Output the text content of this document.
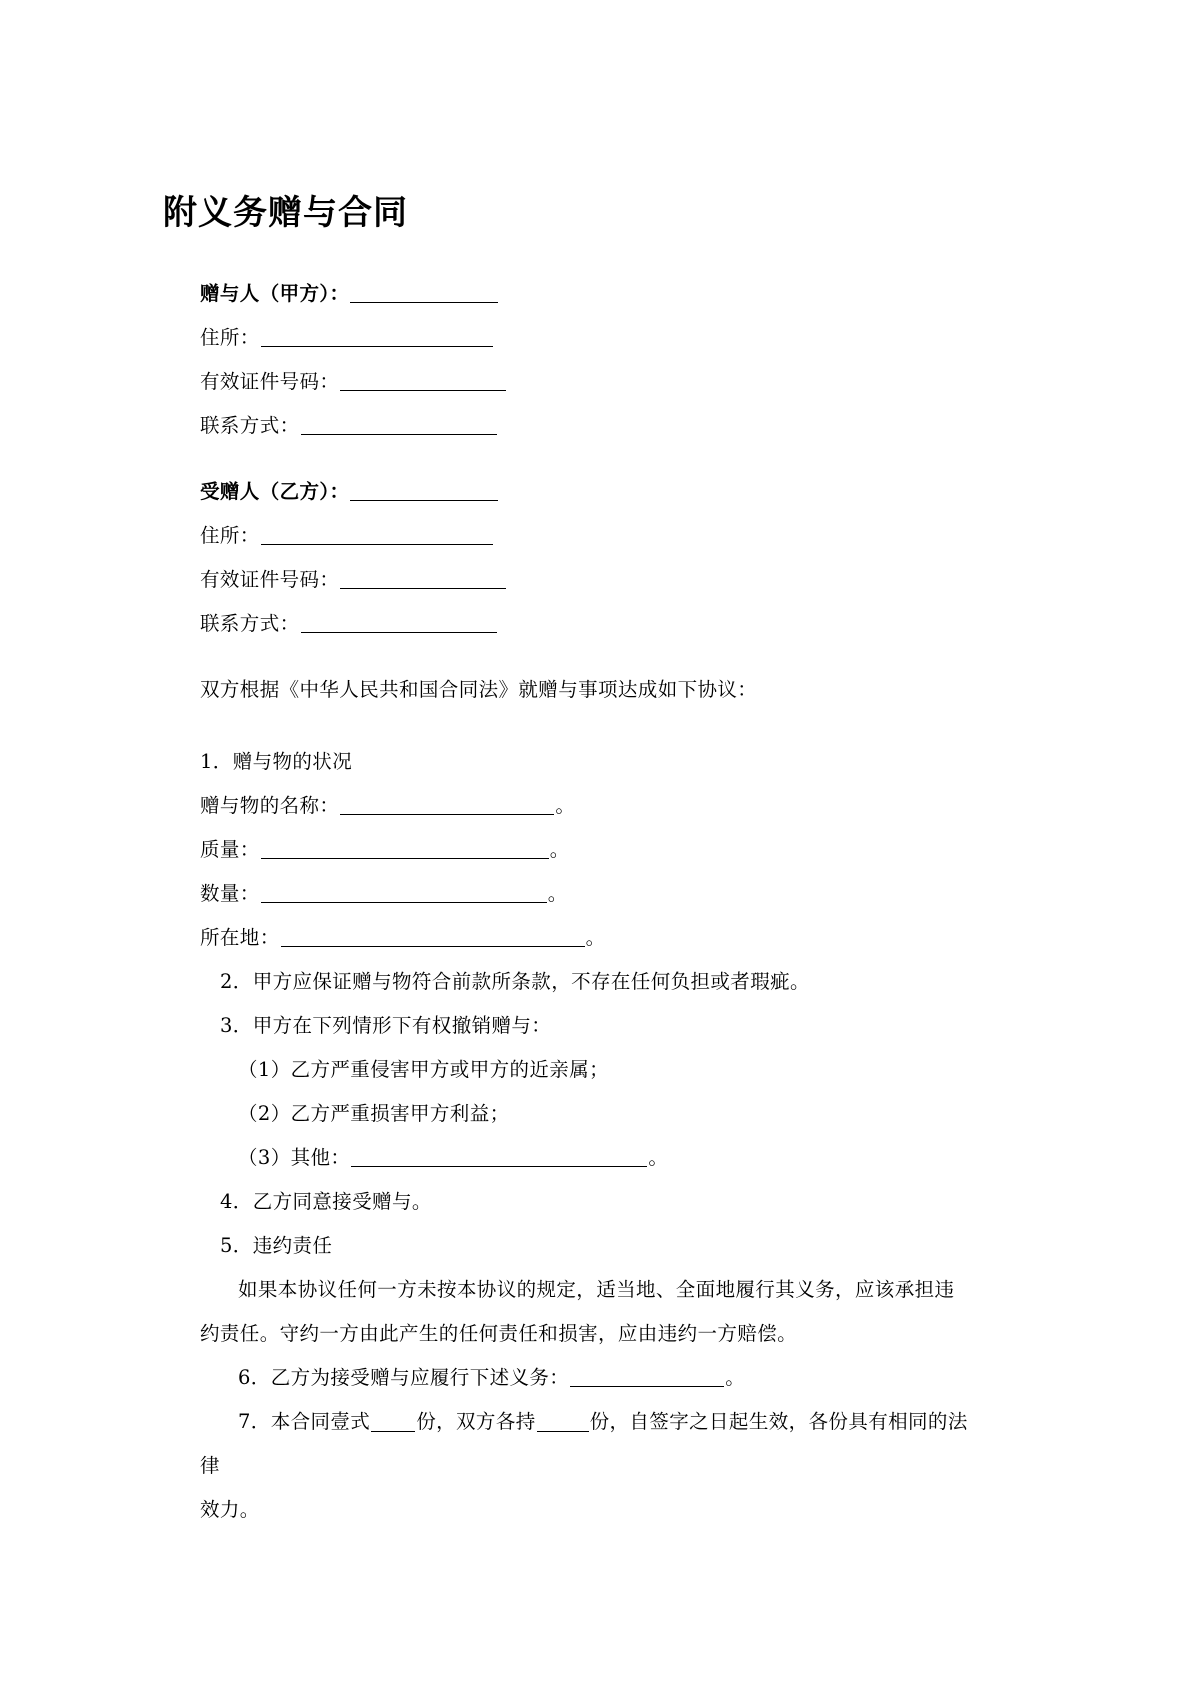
附义务赠与合同
赠与人（甲方）：
住所：
有效证件号码：
联系方式：
受赠人（乙方）：
住所：
有效证件号码：
联系方式：
双方根据《中华人民共和国合同法》就赠与事项达成如下协议：
1．赠与物的状况
赠与物的名称：	。
质量：	。
数量：	。
所在地：	。
2．甲方应保证赠与物符合前款所条款，不存在任何负担或者瑕疵。
3．甲方在下列情形下有权撤销赠与：
（1）乙方严重侵害甲方或甲方的近亲属；
（2）乙方严重损害甲方利益；
（3）其他：	。
4．乙方同意接受赠与。
5．违约责任
如果本协议任何一方未按本协议的规定，适当地、全面地履行其义务，应该承担违约责任。守约一方由此产生的任何责任和损害，应由违约一方赔偿。
6．乙方为接受赠与应履行下述义务：	。
7．本合同壹式 份，双方各持	份，自签字之日起生效，各份具有相同的法律
效力。
